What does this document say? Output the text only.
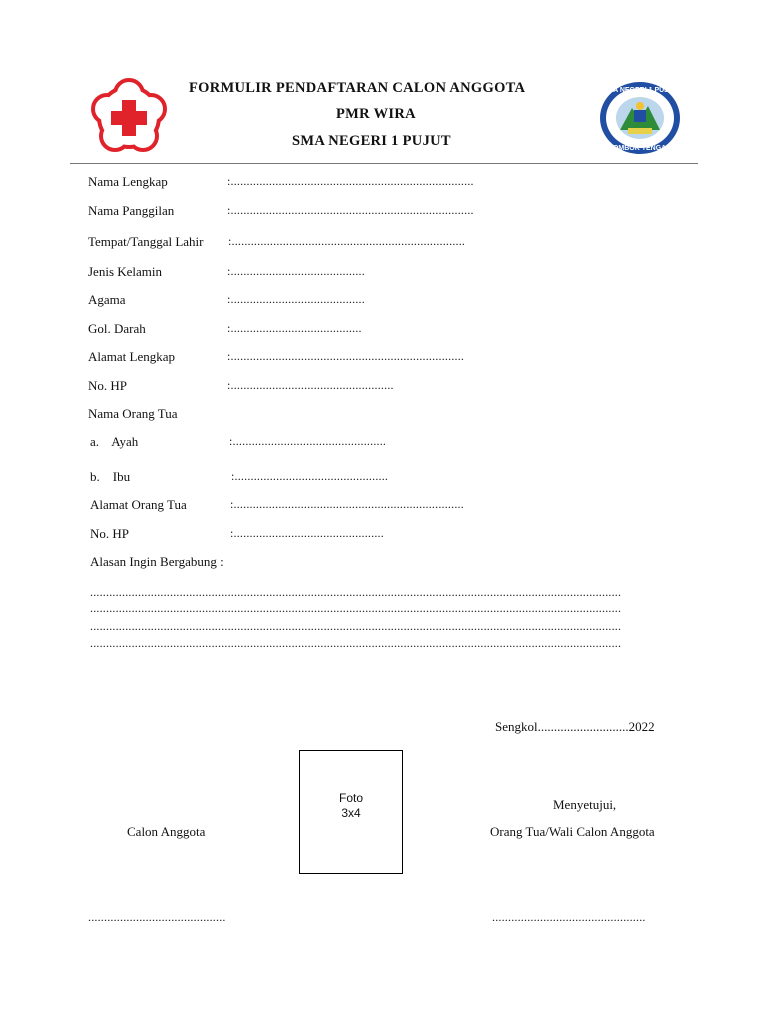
FORMULIR PENDAFTARAN CALON ANGGOTA
PMR WIRA
SMA NEGERI 1 PUJUT
SMA NEGERI 1 PUJUT
LOMBOK TENGAH
Nama Lengkap	:............................................................................
Nama Panggilan	:............................................................................
Tempat/Tanggal Lahir :.........................................................................
Jenis Kelamin	:..........................................
Agama	:..........................................
Gol. Darah	:.........................................
Alamat Lengkap	:.........................................................................
No. HP	:...................................................
Nama Orang Tua
a.    Ayah	:................................................
b.    Ibu	:................................................
Alamat Orang Tua	:........................................................................
No. HP	:...............................................
Alasan Ingin Bergabung :
......................................................................................................................................................................
......................................................................................................................................................................
......................................................................................................................................................................
......................................................................................................................................................................
Sengkol............................2022
Foto
3x4
Menyetujui,
Calon Anggota	Orang Tua/Wali Calon Anggota
...........................................	................................................
